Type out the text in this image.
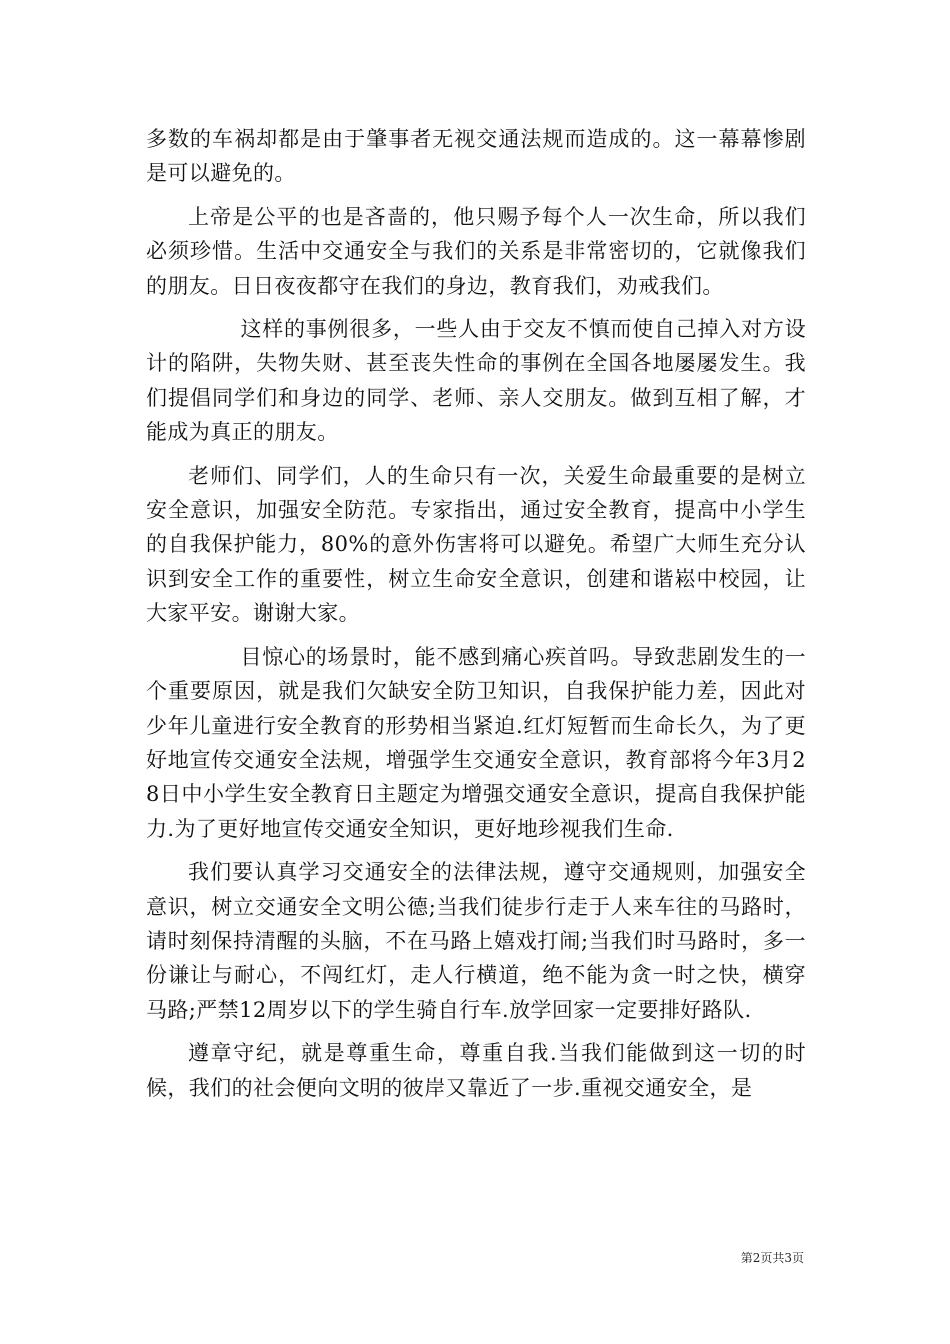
多数的车祸却都是由于肇事者无视交通法规而造成的。这一幕幕惨剧是可以避免的。

上帝是公平的也是吝啬的，他只赐予每个人一次生命，所以我们必须珍惜。生活中交通安全与我们的关系是非常密切的，它就像我们的朋友。日日夜夜都守在我们的身边，教育我们，劝戒我们。

这样的事例很多，一些人由于交友不慎而使自己掉入对方设计的陷阱，失物失财、甚至丧失性命的事例在全国各地屡屡发生。我们提倡同学们和身边的同学、老师、亲人交朋友。做到互相了解，才能成为真正的朋友。

老师们、同学们，人的生命只有一次，关爱生命最重要的是树立安全意识，加强安全防范。专家指出，通过安全教育，提高中小学生的自我保护能力，80%的意外伤害将可以避免。希望广大师生充分认识到安全工作的重要性，树立生命安全意识，创建和谐崧中校园，让大家平安。谢谢大家。

目惊心的场景时，能不感到痛心疾首吗。导致悲剧发生的一个重要原因，就是我们欠缺安全防卫知识，自我保护能力差，因此对少年儿童进行安全教育的形势相当紧迫.红灯短暂而生命长久，为了更好地宣传交通安全法规，增强学生交通安全意识，教育部将今年3月28日中小学生安全教育日主题定为增强交通安全意识，提高自我保护能力.为了更好地宣传交通安全知识，更好地珍视我们生命.

我们要认真学习交通安全的法律法规，遵守交通规则，加强安全意识，树立交通安全文明公德;当我们徒步行走于人来车往的马路时，请时刻保持清醒的头脑，不在马路上嬉戏打闹;当我们时马路时，多一份谦让与耐心，不闯红灯，走人行横道，绝不能为贪一时之快，横穿马路;严禁12周岁以下的学生骑自行车.放学回家一定要排好路队.

遵章守纪，就是尊重生命，尊重自我.当我们能做到这一切的时候，我们的社会便向文明的彼岸又靠近了一步.重视交通安全，是

第2页共3页
